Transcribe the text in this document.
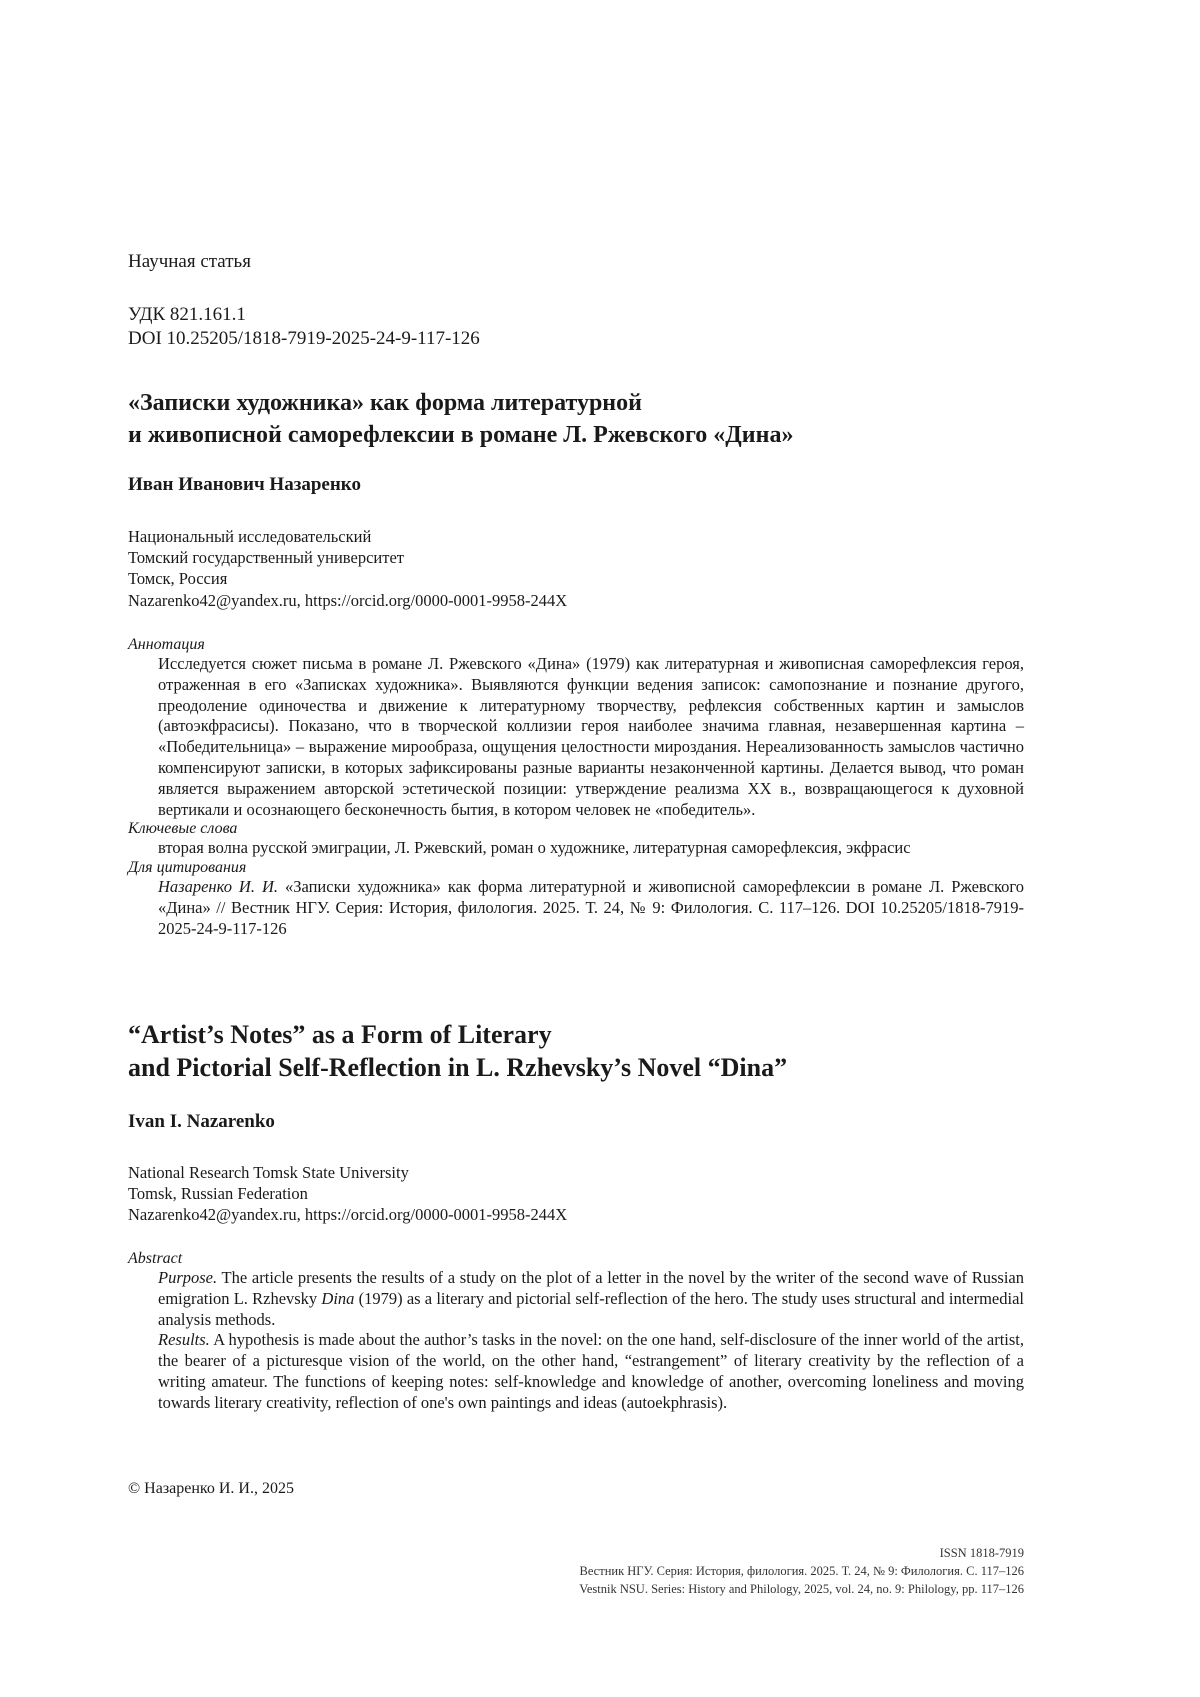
Научная статья
УДК 821.161.1
DOI 10.25205/1818-7919-2025-24-9-117-126
«Записки художника» как форма литературной
и живописной саморефлексии в романе Л. Ржевского «Дина»
Иван Иванович Назаренко
Национальный исследовательский
Томский государственный университет
Томск, Россия
Nazarenko42@yandex.ru, https://orcid.org/0000-0001-9958-244X
Аннотация
Исследуется сюжет письма в романе Л. Ржевского «Дина» (1979) как литературная и живописная саморефлексия героя, отраженная в его «Записках художника». Выявляются функции ведения записок: самопознание и познание другого, преодоление одиночества и движение к литературному творчеству, рефлексия собственных картин и замыслов (автоэкфрасисы). Показано, что в творческой коллизии героя наиболее значима главная, незавершенная картина – «Победительница» – выражение мирообраза, ощущения целостности мироздания. Нереализованность замыслов частично компенсируют записки, в которых зафиксированы разные варианты незаконченной картины. Делается вывод, что роман является выражением авторской эстетической позиции: утверждение реализма XX в., возвращающегося к духовной вертикали и осознающего бесконечность бытия, в котором человек не «победитель».
Ключевые слова
вторая волна русской эмиграции, Л. Ржевский, роман о художнике, литературная саморефлексия, экфрасис
Для цитирования
Назаренко И. И. «Записки художника» как форма литературной и живописной саморефлексии в романе Л. Ржевского «Дина» // Вестник НГУ. Серия: История, филология. 2025. Т. 24, № 9: Филология. С. 117–126. DOI 10.25205/1818-7919-2025-24-9-117-126
“Artist’s Notes” as a Form of Literary
and Pictorial Self-Reflection in L. Rzhevsky’s Novel “Dina”
Ivan I. Nazarenko
National Research Tomsk State University
Tomsk, Russian Federation
Nazarenko42@yandex.ru, https://orcid.org/0000-0001-9958-244X
Abstract
Purpose. The article presents the results of a study on the plot of a letter in the novel by the writer of the second wave of Russian emigration L. Rzhevsky Dina (1979) as a literary and pictorial self-reflection of the hero. The study uses structural and intermedial analysis methods.
Results. A hypothesis is made about the author’s tasks in the novel: on the one hand, self-disclosure of the inner world of the artist, the bearer of a picturesque vision of the world, on the other hand, “estrangement” of literary creativity by the reflection of a writing amateur. The functions of keeping notes: self-knowledge and knowledge of another, overcoming loneliness and moving towards literary creativity, reflection of one's own paintings and ideas (autoekphrasis).
© Назаренко И. И., 2025
ISSN 1818-7919
Вестник НГУ. Серия: История, филология. 2025. Т. 24, № 9: Филология. С. 117–126
Vestnik NSU. Series: History and Philology, 2025, vol. 24, no. 9: Philology, pp. 117–126
